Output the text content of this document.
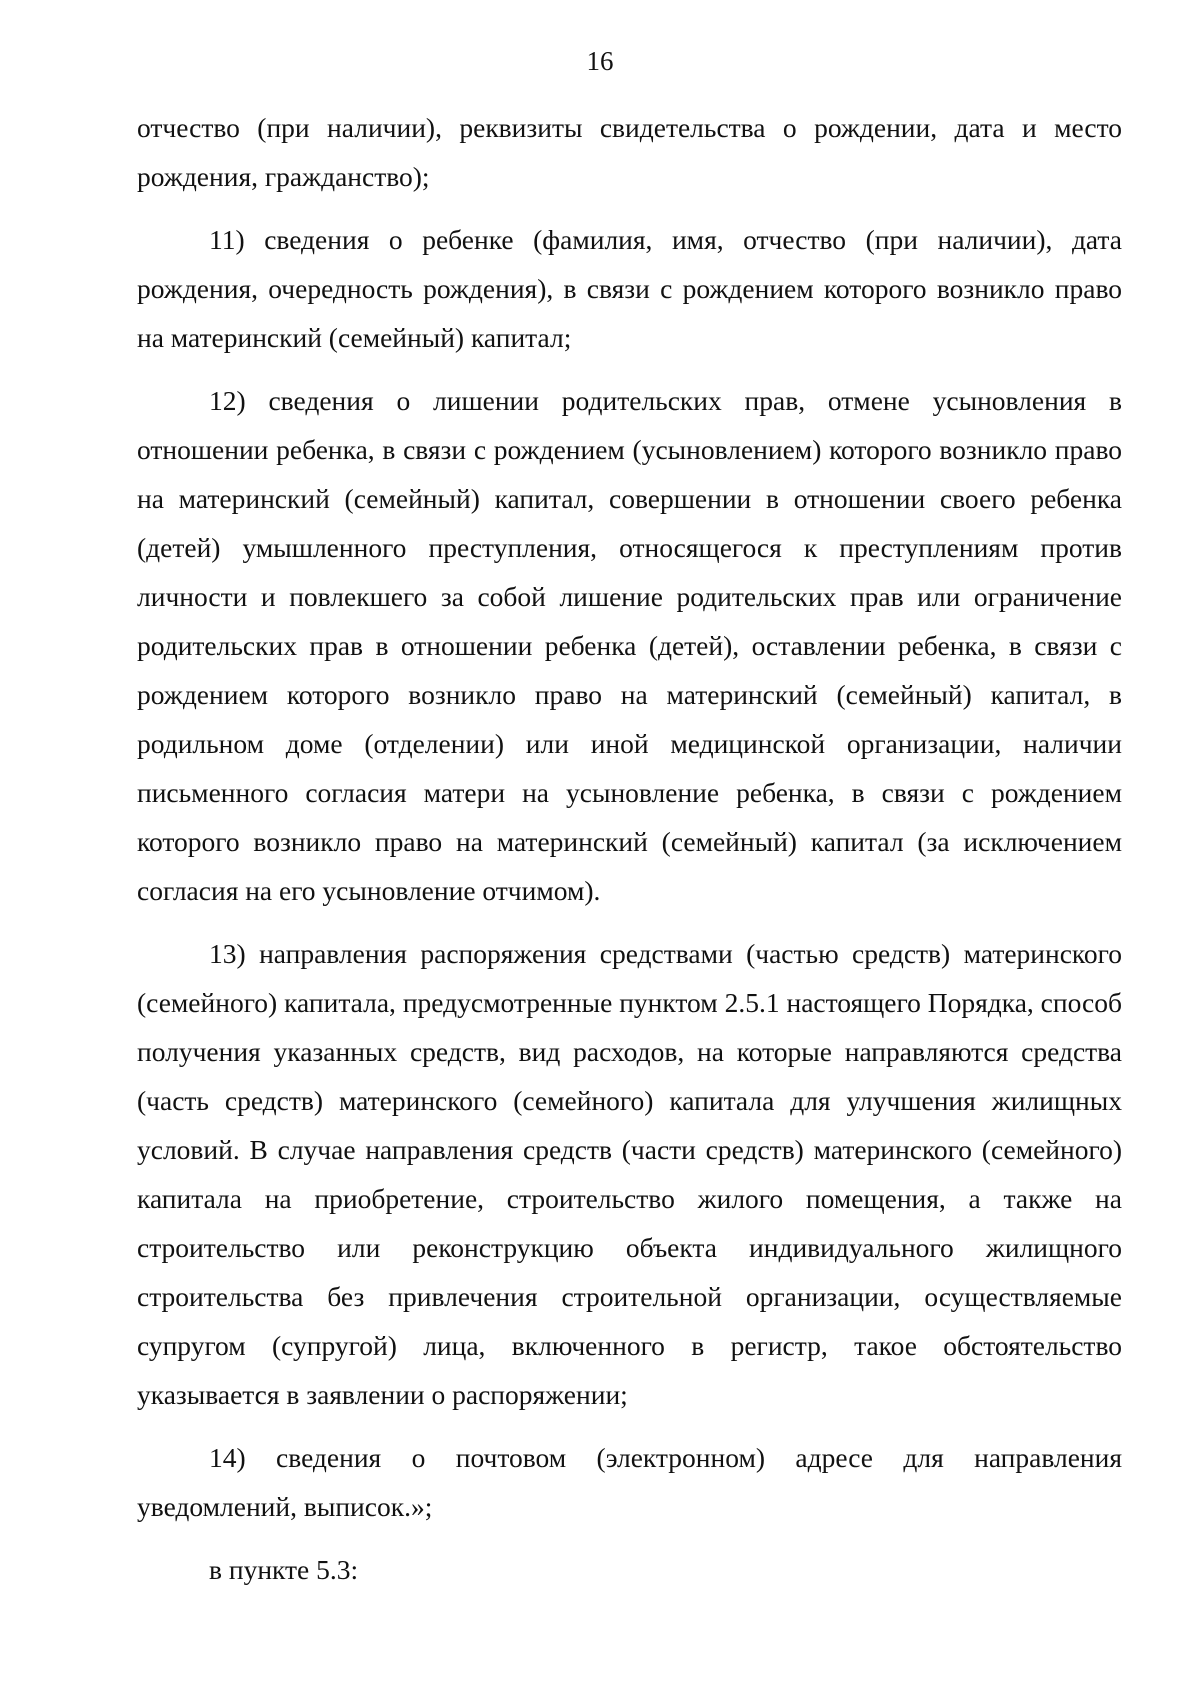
16

отчество (при наличии), реквизиты свидетельства о рождении, дата и место рождения, гражданство);

11) сведения о ребенке (фамилия, имя, отчество (при наличии), дата рождения, очередность рождения), в связи с рождением которого возникло право на материнский (семейный) капитал;

12) сведения о лишении родительских прав, отмене усыновления в отношении ребенка, в связи с рождением (усыновлением) которого возникло право на материнский (семейный) капитал, совершении в отношении своего ребенка (детей) умышленного преступления, относящегося к преступлениям против личности и повлекшего за собой лишение родительских прав или ограничение родительских прав в отношении ребенка (детей), оставлении ребенка, в связи с рождением которого возникло право на материнский (семейный) капитал, в родильном доме (отделении) или иной медицинской организации, наличии письменного согласия матери на усыновление ребенка, в связи с рождением которого возникло право на материнский (семейный) капитал (за исключением согласия на его усыновление отчимом).

13) направления распоряжения средствами (частью средств) материнского (семейного) капитала, предусмотренные пунктом 2.5.1 настоящего Порядка, способ получения указанных средств, вид расходов, на которые направляются средства (часть средств) материнского (семейного) капитала для улучшения жилищных условий. В случае направления средств (части средств) материнского (семейного) капитала на приобретение, строительство жилого помещения, а также на строительство или реконструкцию объекта индивидуального жилищного строительства без привлечения строительной организации, осуществляемые супругом (супругой) лица, включенного в регистр, такое обстоятельство указывается в заявлении о распоряжении;

14) сведения о почтовом (электронном) адресе для направления уведомлений, выписок.»;

в пункте 5.3:
